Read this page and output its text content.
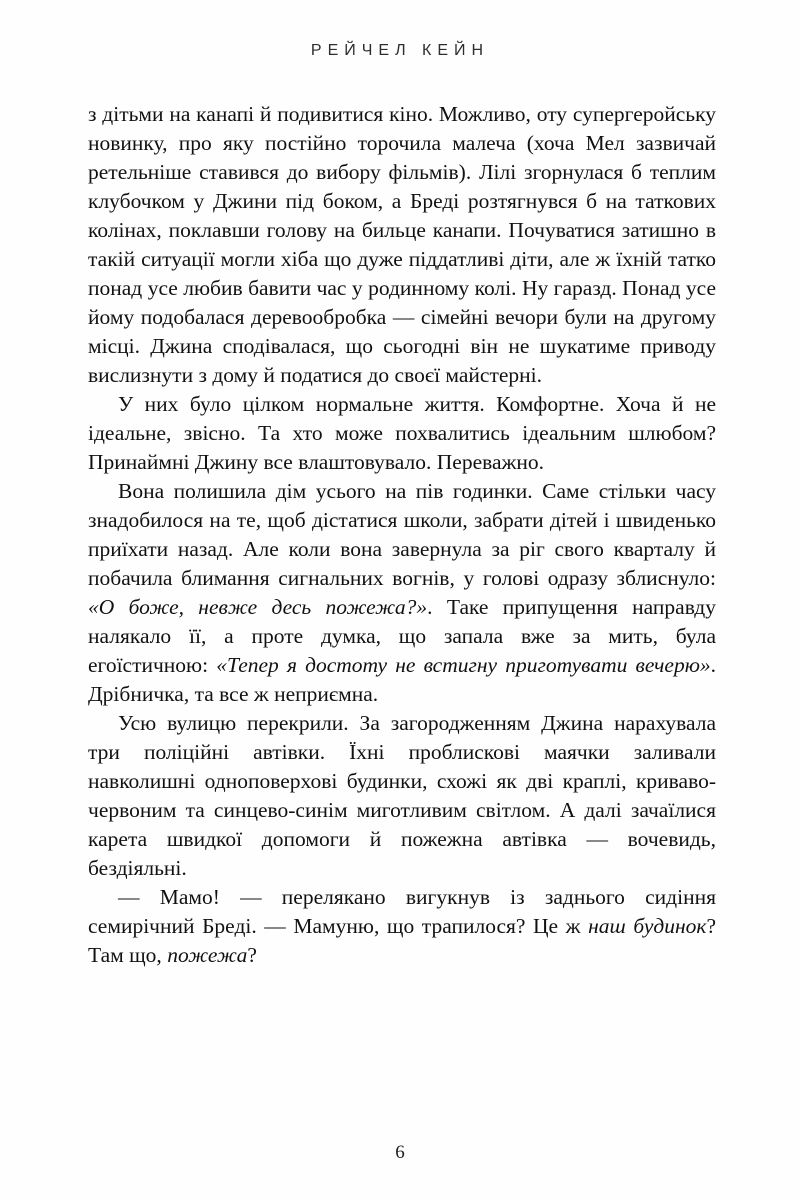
РЕЙЧЕЛ КЕЙН

з дітьми на канапі й подивитися кіно. Можливо, оту супергеройську новинку, про яку постійно торочила малеча (хоча Мел зазвичай ретельніше ставився до вибору фільмів). Лілі згорнулася б теплим клубочком у Джини під боком, а Бреді розтягнувся б на таткових колінах, поклавши голову на бильце канапи. Почуватися затишно в такій ситуації могли хіба що дуже піддатливі діти, але ж їхній татко понад усе любив бавити час у родинному колі. Ну гаразд. Понад усе йому подобалася деревообробка — сімейні вечори були на другому місці. Джина сподівалася, що сьогодні він не шукатиме приводу вислизнути з дому й податися до своєї майстерні.

У них було цілком нормальне життя. Комфортне. Хоча й не ідеальне, звісно. Та хто може похвалитись ідеальним шлюбом? Принаймні Джину все влаштовувало. Переважно.

Вона полишила дім усього на пів годинки. Саме стільки часу знадобилося на те, щоб дістатися школи, забрати дітей і швиденько приїхати назад. Але коли вона завернула за ріг свого кварталу й побачила блимання сигнальних вогнів, у голові одразу зблиснуло: «О боже, невже десь пожежа?». Таке припущення направду налякало її, а проте думка, що запала вже за мить, була егоїстичною: «Тепер я достоту не встигну приготувати вечерю». Дрібничка, та все ж неприємна.

Усю вулицю перекрили. За загородженням Джина нарахувала три поліційні автівки. Їхні проблискові маячки заливали навколишні одноповерхові будинки, схожі як дві краплі, криваво-червоним та синцево-синім миготливим світлом. А далі зачаїлися карета швидкої допомоги й пожежна автівка — вочевидь, бездіяльні.

— Мамо! — перелякано вигукнув із заднього сидіння семирічний Бреді. — Мамуню, що трапилося? Це ж наш будинок? Там що, пожежа?

6
